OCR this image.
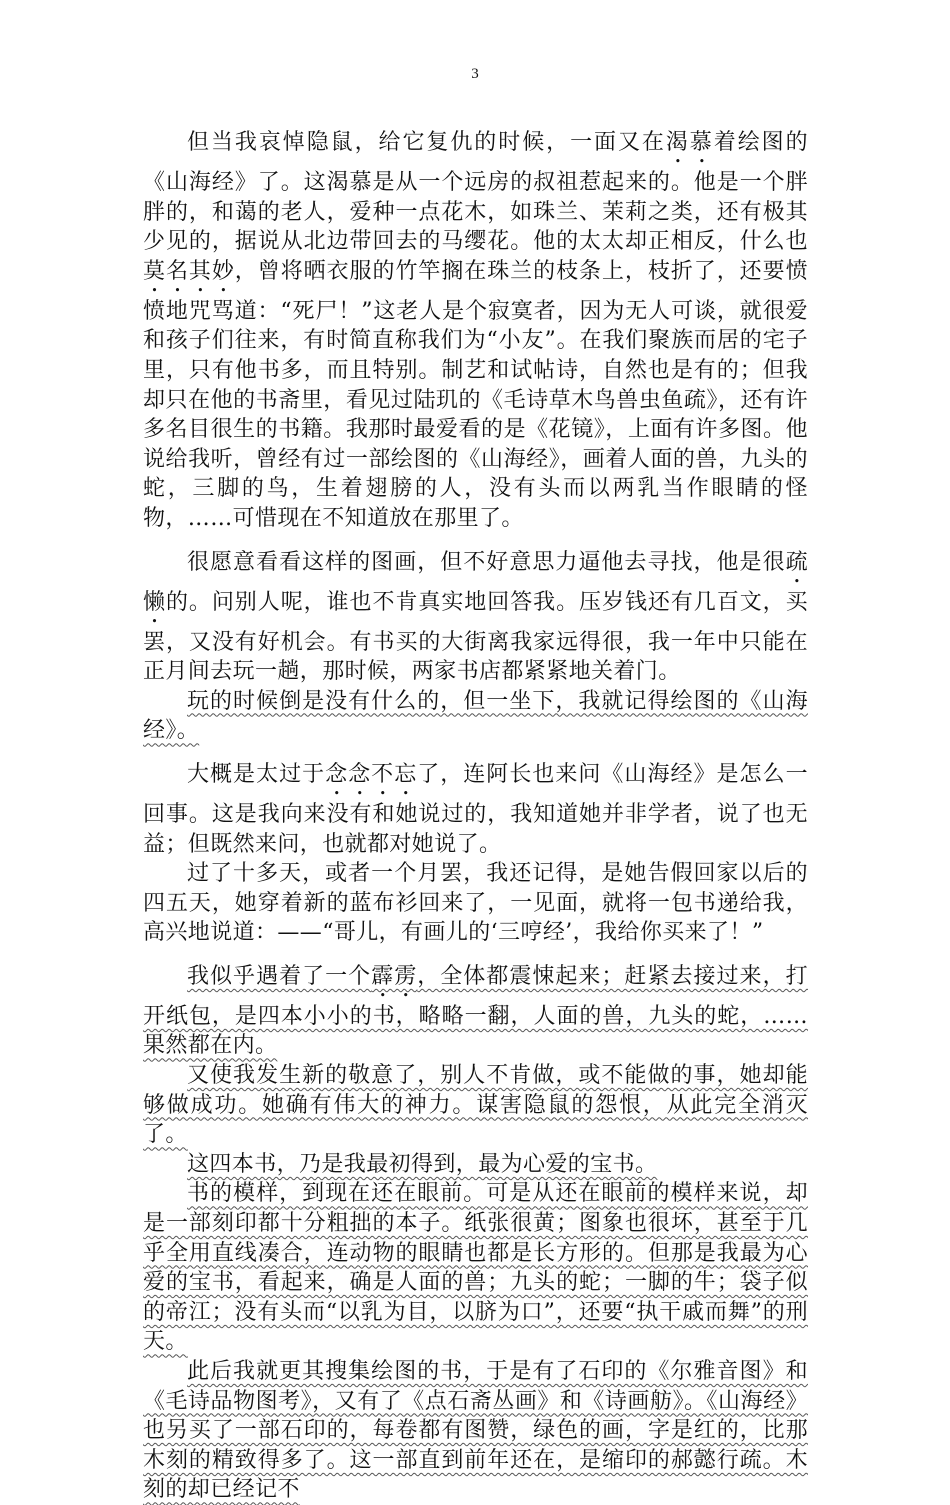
3

但当我哀悼隐鼠，给它复仇的时候，一面又在渴慕着绘图的《山海经》了。这渴慕是从一个远房的叔祖惹起来的。他是一个胖胖的，和蔼的老人，爱种一点花木，如珠兰、茉莉之类，还有极其少见的，据说从北边带回去的马缨花。他的太太却正相反，什么也莫名其妙，曾将晒衣服的竹竿搁在珠兰的枝条上，枝折了，还要愤愤地咒骂道：“死尸！”这老人是个寂寞者，因为无人可谈，就很爱和孩子们往来，有时简直称我们为“小友”。在我们聚族而居的宅子里，只有他书多，而且特别。制艺和试帖诗，自然也是有的；但我却只在他的书斋里，看见过陆玑的《毛诗草木鸟兽虫鱼疏》，还有许多名目很生的书籍。我那时最爱看的是《花镜》，上面有许多图。他说给我听，曾经有过一部绘图的《山海经》，画着人面的兽，九头的蛇，三脚的鸟，生着翅膀的人，没有头而以两乳当作眼睛的怪物，……可惜现在不知道放在那里了。

很愿意看看这样的图画，但不好意思力逼他去寻找，他是很疏懒的。问别人呢，谁也不肯真实地回答我。压岁钱还有几百文，买罢，又没有好机会。有书买的大街离我家远得很，我一年中只能在正月间去玩一趟，那时候，两家书店都紧紧地关着门。

玩的时候倒是没有什么的，但一坐下，我就记得绘图的《山海经》。

大概是太过于念念不忘了，连阿长也来问《山海经》是怎么一回事。这是我向来没有和她说过的，我知道她并非学者，说了也无益；但既然来问，也就都对她说了。

过了十多天，或者一个月罢，我还记得，是她告假回家以后的四五天，她穿着新的蓝布衫回来了，一见面，就将一包书递给我，高兴地说道：——“哥儿，有画儿的‘三哼经’，我给你买来了！”

我似乎遇着了一个霹雳，全体都震悚起来；赶紧去接过来，打开纸包，是四本小小的书，略略一翻，人面的兽，九头的蛇，……果然都在内。

又使我发生新的敬意了，别人不肯做，或不能做的事，她却能够做成功。她确有伟大的神力。谋害隐鼠的怨恨，从此完全消灭了。

这四本书，乃是我最初得到，最为心爱的宝书。

书的模样，到现在还在眼前。可是从还在眼前的模样来说，却是一部刻印都十分粗拙的本子。纸张很黄；图象也很坏，甚至于几乎全用直线凑合，连动物的眼睛也都是长方形的。但那是我最为心爱的宝书，看起来，确是人面的兽；九头的蛇；一脚的牛；袋子似的帝江；没有头而“以乳为目，以脐为口”，还要“执干戚而舞”的刑天。

此后我就更其搜集绘图的书，于是有了石印的《尔雅音图》和《毛诗品物图考》，又有了《点石斋丛画》和《诗画舫》。《山海经》也另买了一部石印的，每卷都有图赞，绿色的画，字是红的，比那木刻的精致得多了。这一部直到前年还在，是缩印的郝懿行疏。木刻的却已经记不
